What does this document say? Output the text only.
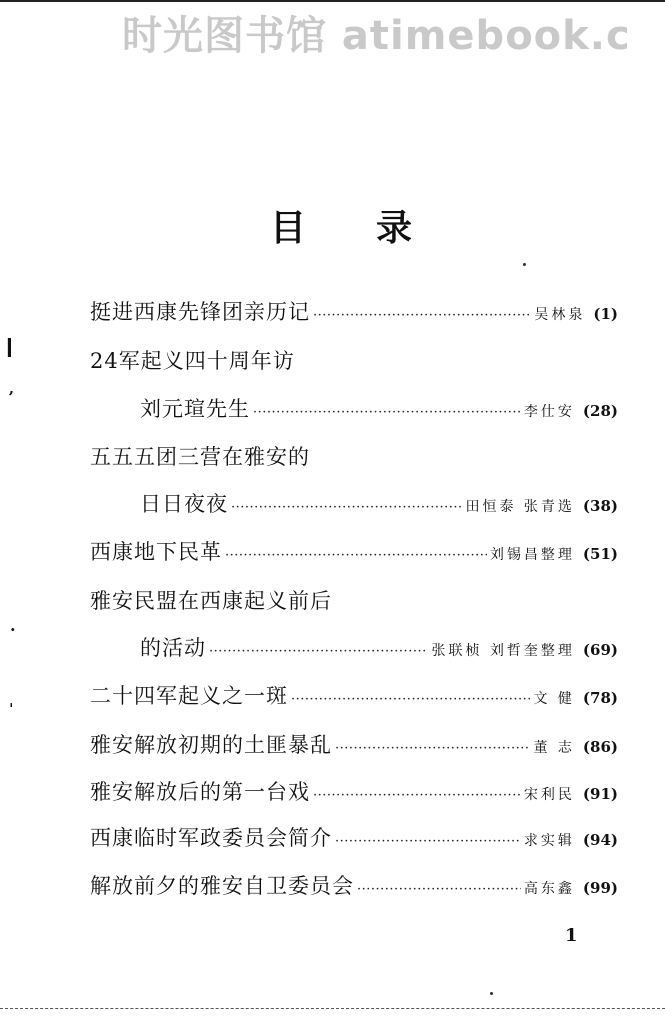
时光图书馆 atimebook.c
目录
挺进西康先锋团亲历记 ·····	吴林泉 (1)
24军起义四十周年访
刘元瑄先生 ·····	李仕安 (28)
五五五团三营在雅安的
日日夜夜 ·····	田恒泰 张青选 (38)
西康地下民革 ·····	刘锡昌整理 (51)
雅安民盟在西康起义前后
的活动 ·····	张联桢 刘哲奎整理 (69)
二十四军起义之一斑 ·····	文 健 (78)
雅安解放初期的土匪暴乱 ·····	董 志 (86)
雅安解放后的第一台戏 ·····	宋利民 (91)
西康临时军政委员会简介 ·····	求实辑 (94)
解放前夕的雅安自卫委员会 ·····	高东鑫 (99)
1
▎
ʼ
·
ˈ
